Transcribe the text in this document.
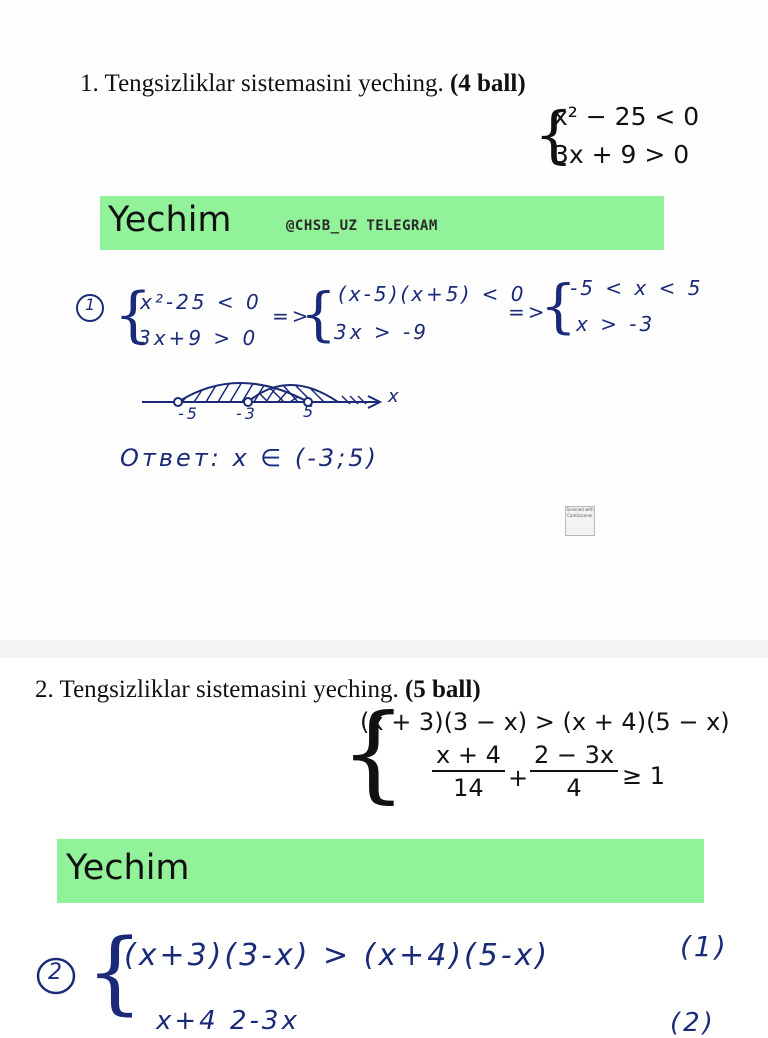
1. Tengsizliklar sistemasini yeching. (4 ball)
{
x² − 25 < 0
3x + 9 > 0
Yechim	@CHSB_UZ TELEGRAM
1 {
x²-25 < 0
3x+9 > 0
=>
{ (x-5)(x+5) < 0
3x > -9
=>
{
-5 < x < 5
x > -3
-5 -3	5
x
Ответ: x ∈ (-3;5)
Scanned with CamScanner
2. Tengsizliklar sistemasini yeching. (5 ball)
{
(x + 3)(3 − x) > (x + 4)(5 − x)
$\frac{x + 4}{14} + \frac{2 - 3x}{4} \ge 1$
Yechim
2 {
(x+3)(3-x) > (x+4)(5-x)	(1)
x+4 2-3x	(2)
